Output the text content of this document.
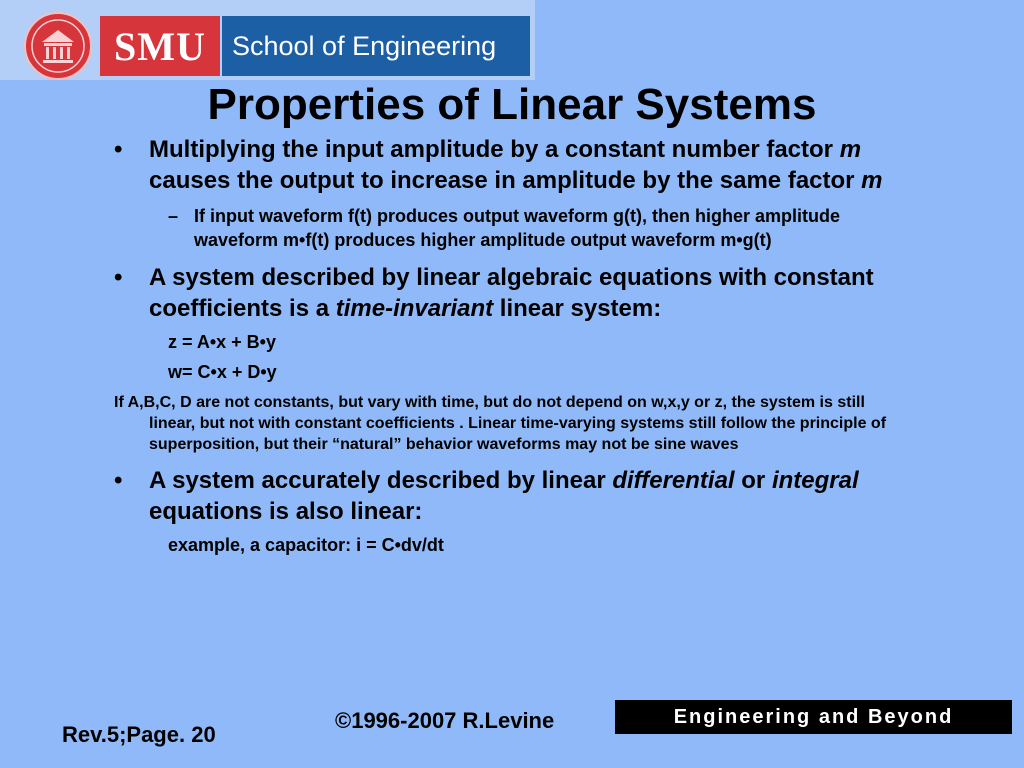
SMU School of Engineering
Properties of Linear Systems
• Multiplying the input amplitude by a constant number factor m causes the output to increase in amplitude by the same factor m
– If input waveform f(t) produces output waveform g(t), then higher amplitude waveform m•f(t) produces higher amplitude output waveform m•g(t)
• A system described by linear algebraic equations with constant coefficients is a time-invariant linear system:
z = A•x + B•y
w= C•x + D•y
If A,B,C, D are not constants, but vary with time, but do not depend on w,x,y or z, the system is still linear, but not with constant coefficients . Linear time-varying systems still follow the principle of superposition, but their “natural” behavior waveforms may not be sine waves
• A system accurately described by linear differential or integral equations is also linear:
example, a capacitor: i = C•dv/dt
Rev.5;Page. 20
©1996-2007 R.Levine	Engineering and Beyond
